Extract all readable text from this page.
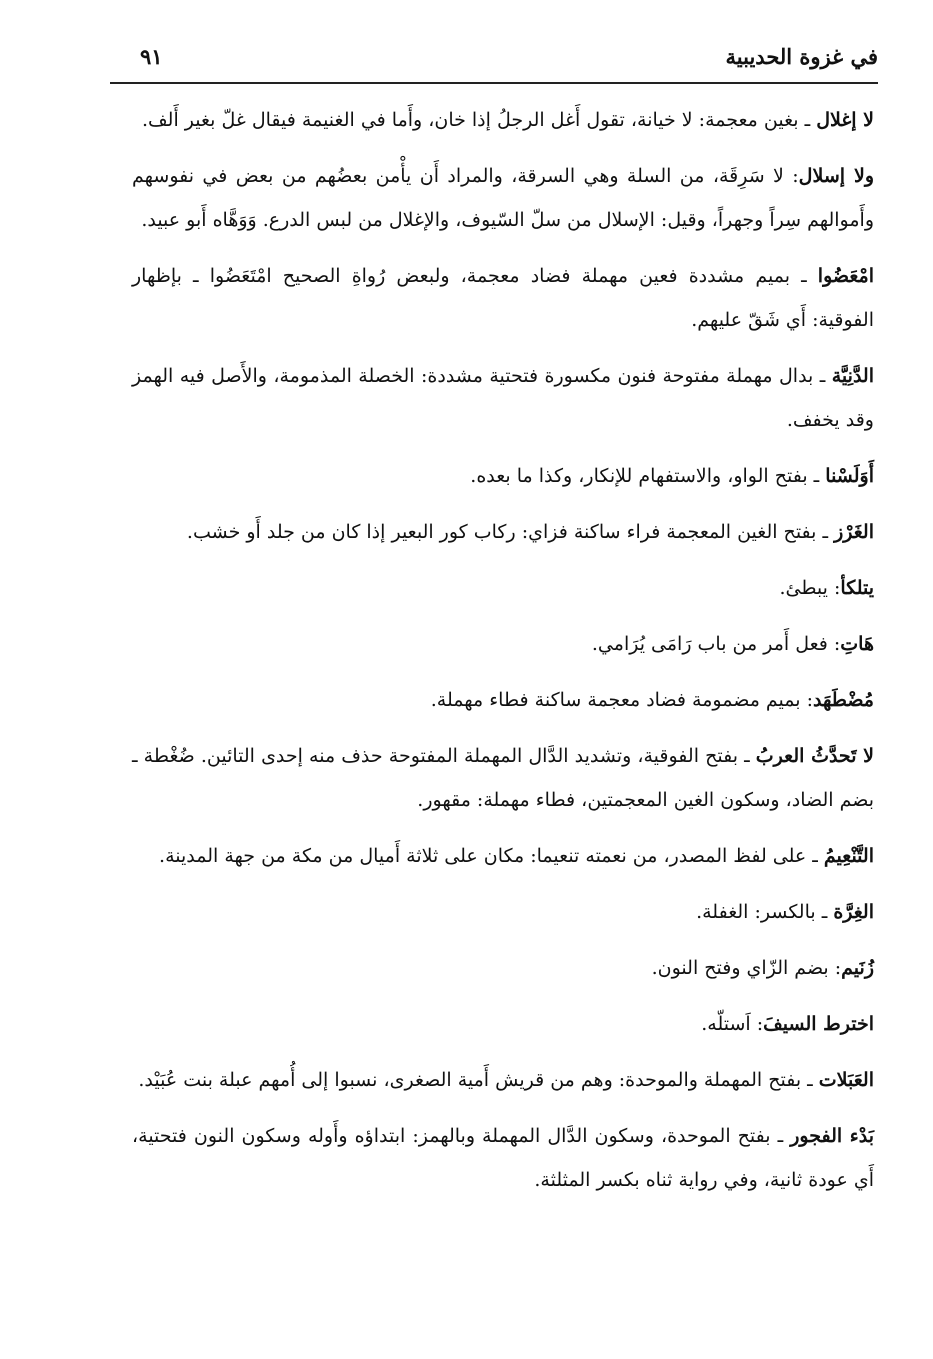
في غزوة الحديبية
٩١

لا إغلال ـ بغين معجمة: لا خيانة، تقول أَغل الرجلُ إذا خان، وأَما في الغنيمة فيقال غلّ بغير أَلف.

ولا إسلال: لا سَرِقَة، من السلة وهي السرقة، والمراد أَن يأْمن بعضُهم من بعض في نفوسهم وأَموالهم سِراً وجهراً، وقيل: الإسلال من سلّ السّيوف، والإغلال من لبس الدرع. وَوَهَّاه أَبو عبيد.

امْعَضُوا ـ بميم مشددة فعين مهملة فضاد معجمة، ولبعض رُواةِ الصحيح امْتَعَضُوا ـ بإظهار الفوقية: أَي شَقّ عليهم.

الدَّنِيَّة ـ بدال مهملة مفتوحة فنون مكسورة فتحتية مشددة: الخصلة المذمومة، والأَصل فيه الهمز وقد يخفف.

أَوَلَسْنا ـ بفتح الواو، والاستفهام للإنكار، وكذا ما بعده.

الغَرْز ـ بفتح الغين المعجمة فراء ساكنة فزاي: ركاب كور البعير إذا كان من جلد أَو خشب.

يتلكأ: يبطئ.

هَاتِ: فعل أَمر من باب رَامَى يُرَامي.

مُضْطَهَد: بميم مضمومة فضاد معجمة ساكنة فطاء مهملة.

لا تَحدَّثُ العربُ ـ بفتح الفوقية، وتشديد الدَّال المهملة المفتوحة حذف منه إحدى التائين. ضُغْطة ـ بضم الضاد، وسكون الغين المعجمتين، فطاء مهملة: مقهور.

التَّنْعِيمُ ـ على لفظ المصدر، من نعمته تنعيما: مكان على ثلاثة أَميال من مكة من جهة المدينة.

الغِرَّة ـ بالكسر: الغفلة.

زُنَيم: بضم الزّاي وفتح النون.

اخترط السيفَ: اَستلّه.

العَبَلات ـ بفتح المهملة والموحدة: وهم من قريش أَمية الصغرى، نسبوا إلى أُمهم عبلة بنت عُبَيْد.

بَدْء الفجور ـ بفتح الموحدة، وسكون الدَّال المهملة وبالهمز: ابتداؤه وأَوله وسكون النون فتحتية، أَي عودة ثانية، وفي رواية ثناه بكسر المثلثة.
